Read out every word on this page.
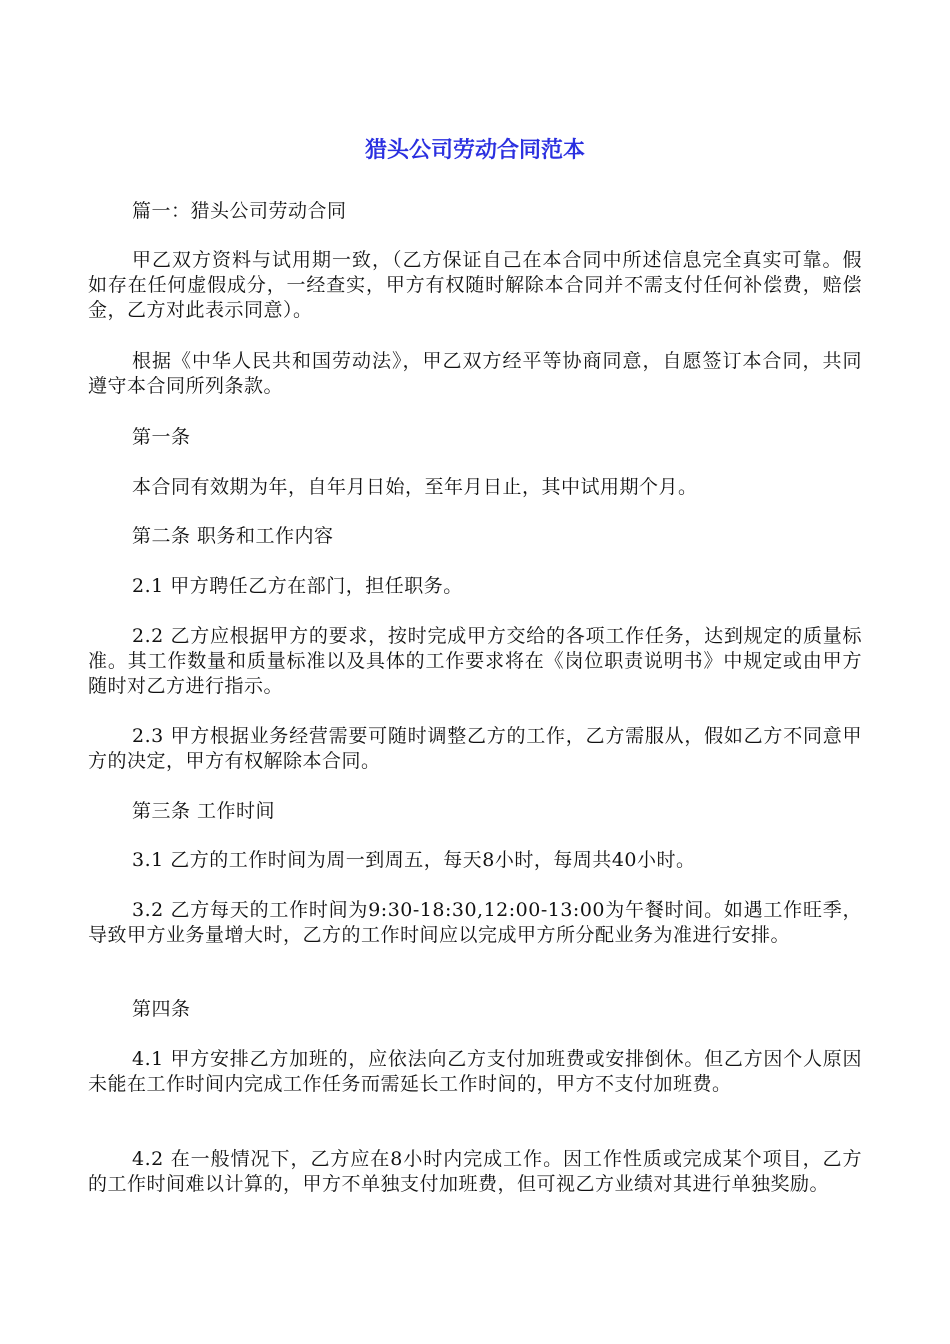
猎头公司劳动合同范本

篇一：猎头公司劳动合同

甲乙双方资料与试用期一致，（乙方保证自己在本合同中所述信息完全真实可靠。假如存在任何虚假成分，一经查实，甲方有权随时解除本合同并不需支付任何补偿费，赔偿金，乙方对此表示同意）。

根据《中华人民共和国劳动法》，甲乙双方经平等协商同意，自愿签订本合同，共同遵守本合同所列条款。

第一条

本合同有效期为年，自年月日始，至年月日止，其中试用期个月。

第二条 职务和工作内容

2.1 甲方聘任乙方在部门，担任职务。

2.2 乙方应根据甲方的要求，按时完成甲方交给的各项工作任务，达到规定的质量标准。其工作数量和质量标准以及具体的工作要求将在《岗位职责说明书》中规定或由甲方随时对乙方进行指示。

2.3 甲方根据业务经营需要可随时调整乙方的工作，乙方需服从，假如乙方不同意甲方的决定，甲方有权解除本合同。

第三条 工作时间

3.1 乙方的工作时间为周一到周五，每天8小时，每周共40小时。

3.2 乙方每天的工作时间为9:30-18:30,12:00-13:00为午餐时间。如遇工作旺季，导致甲方业务量增大时，乙方的工作时间应以完成甲方所分配业务为准进行安排。

第四条

4.1 甲方安排乙方加班的，应依法向乙方支付加班费或安排倒休。但乙方因个人原因未能在工作时间内完成工作任务而需延长工作时间的，甲方不支付加班费。

4.2 在一般情况下，乙方应在8小时内完成工作。因工作性质或完成某个项目，乙方的工作时间难以计算的，甲方不单独支付加班费，但可视乙方业绩对其进行单独奖励。
